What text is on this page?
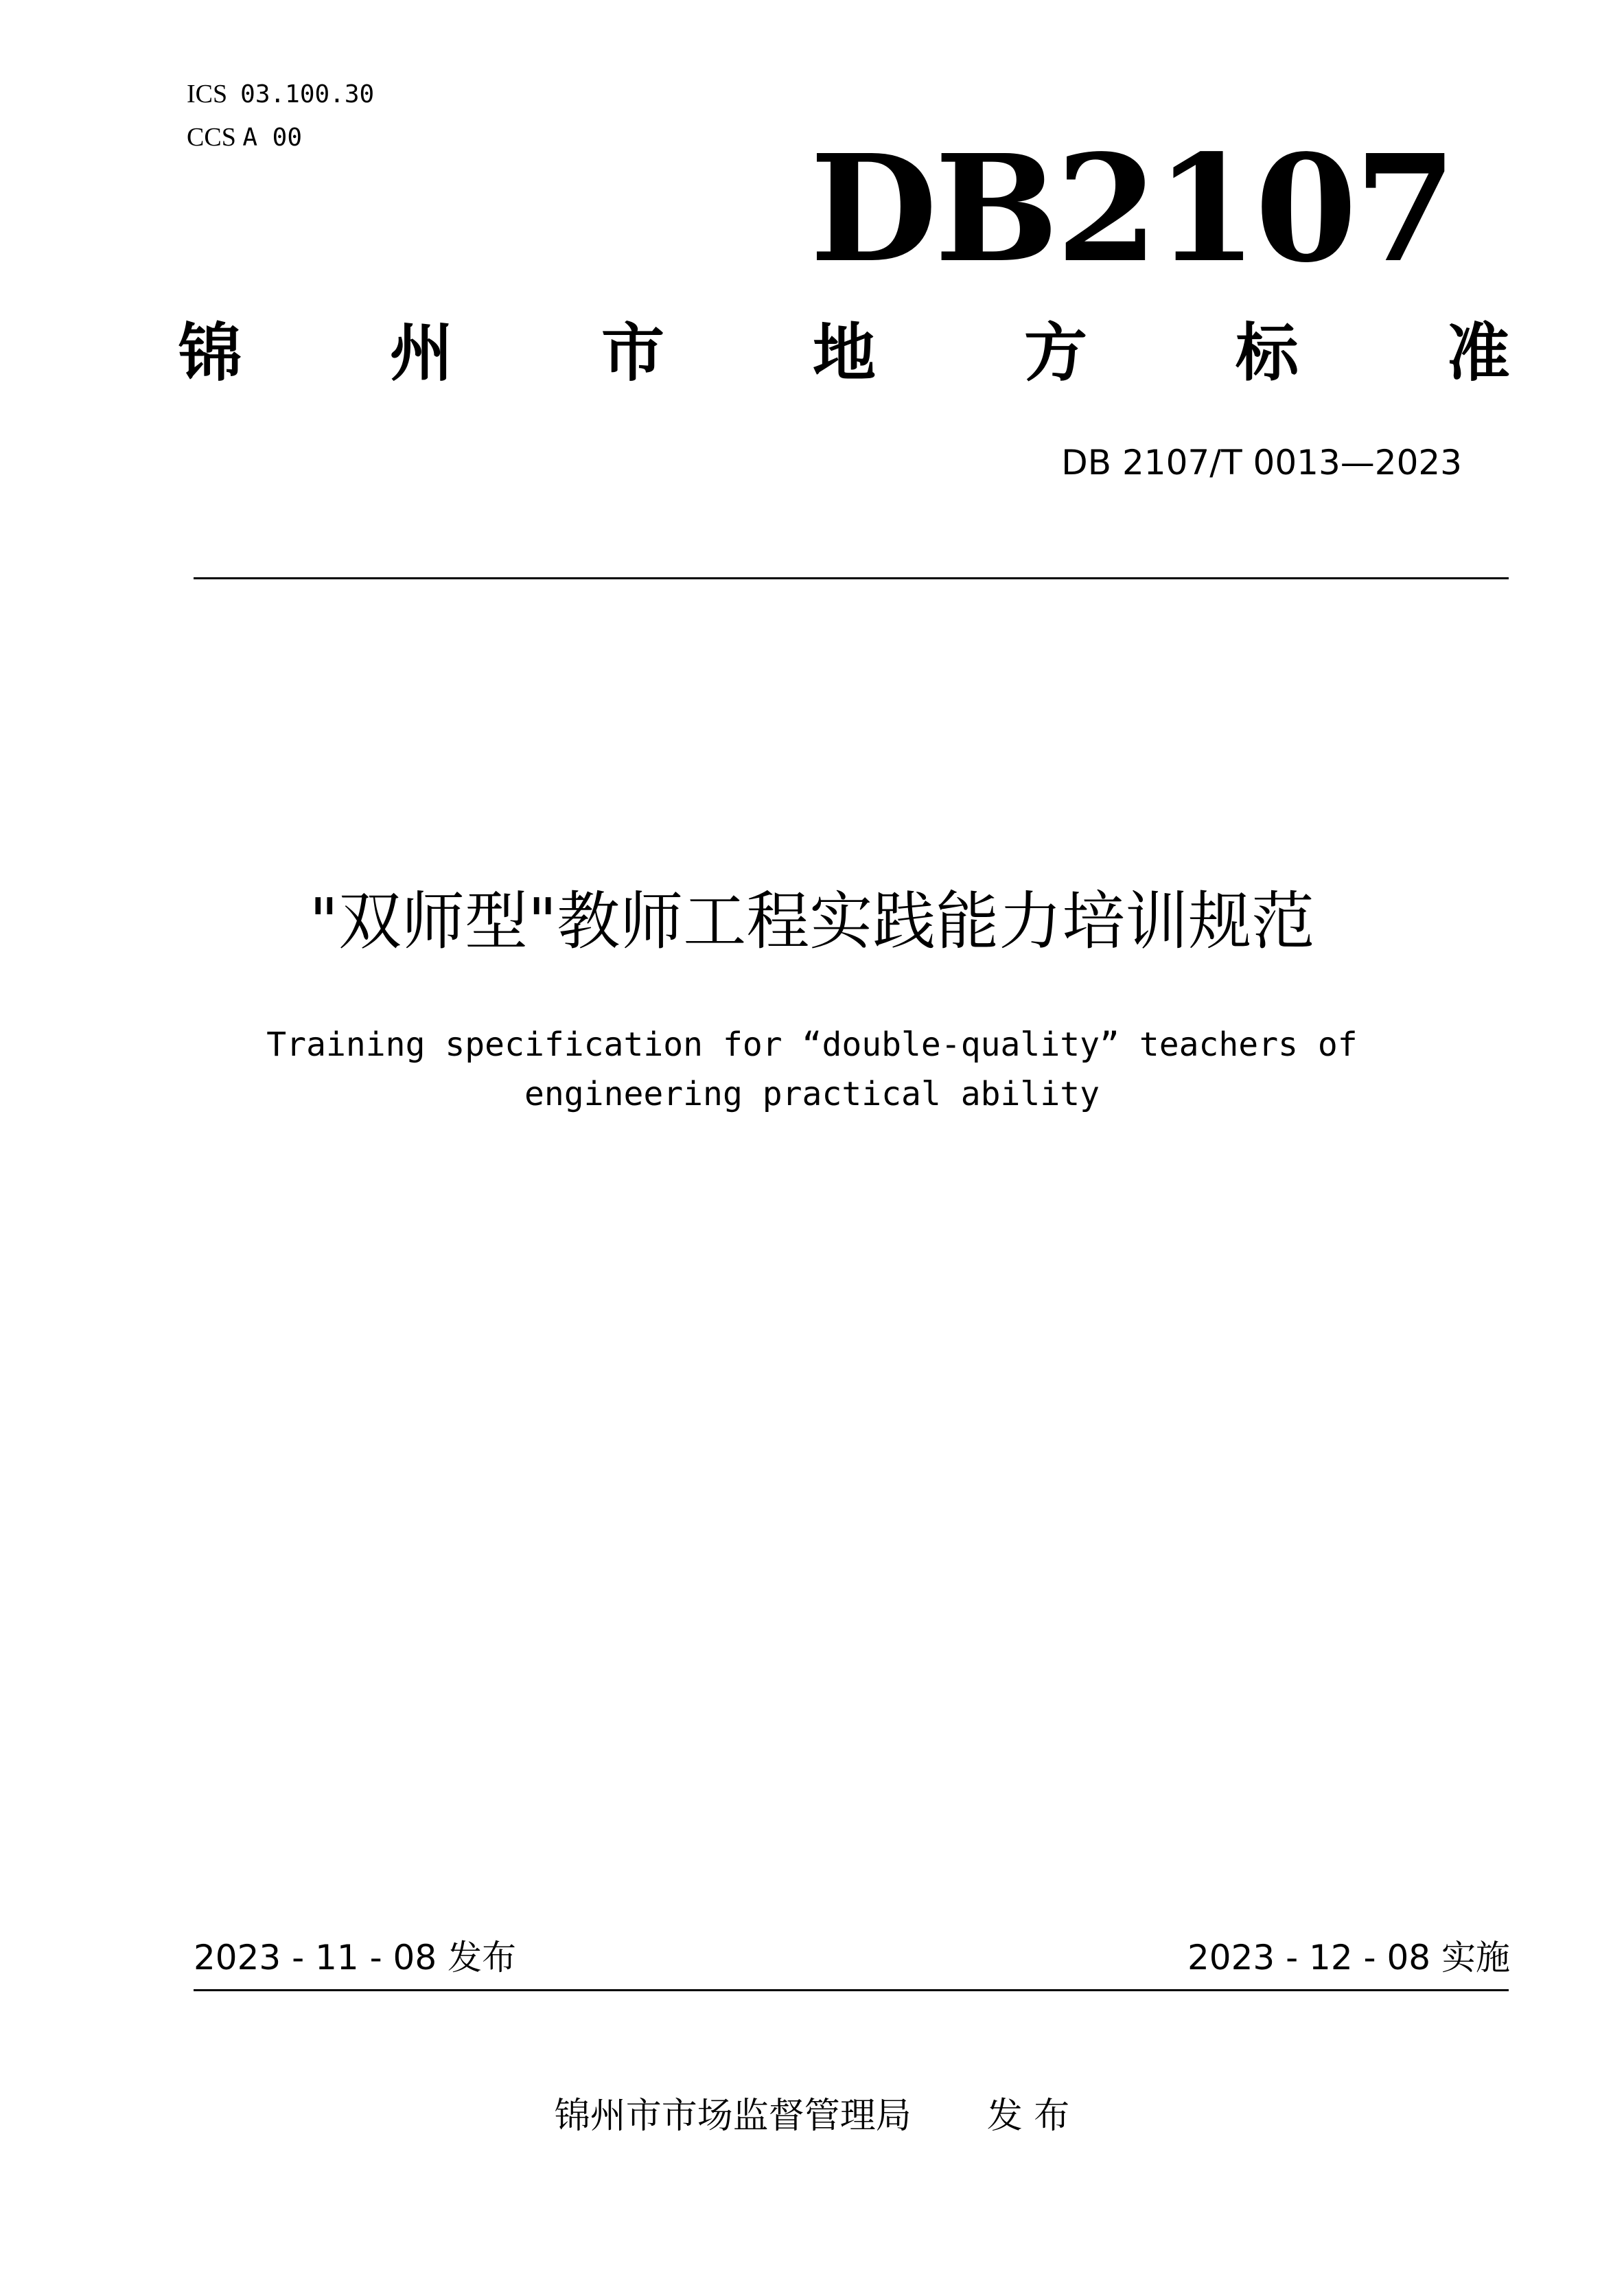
ICS 03.100.30
CCS A 00	DB2107
锦 州 市 地 方 标 准
DB 2107/T 0013—2023
"双师型"教师工程实践能力培训规范
Training specification for “double-quality” teachers of
engineering practical ability
2023 - 11 - 08 发布	2023 - 12 - 08 实施
锦州市市场监督管理局 发 布
